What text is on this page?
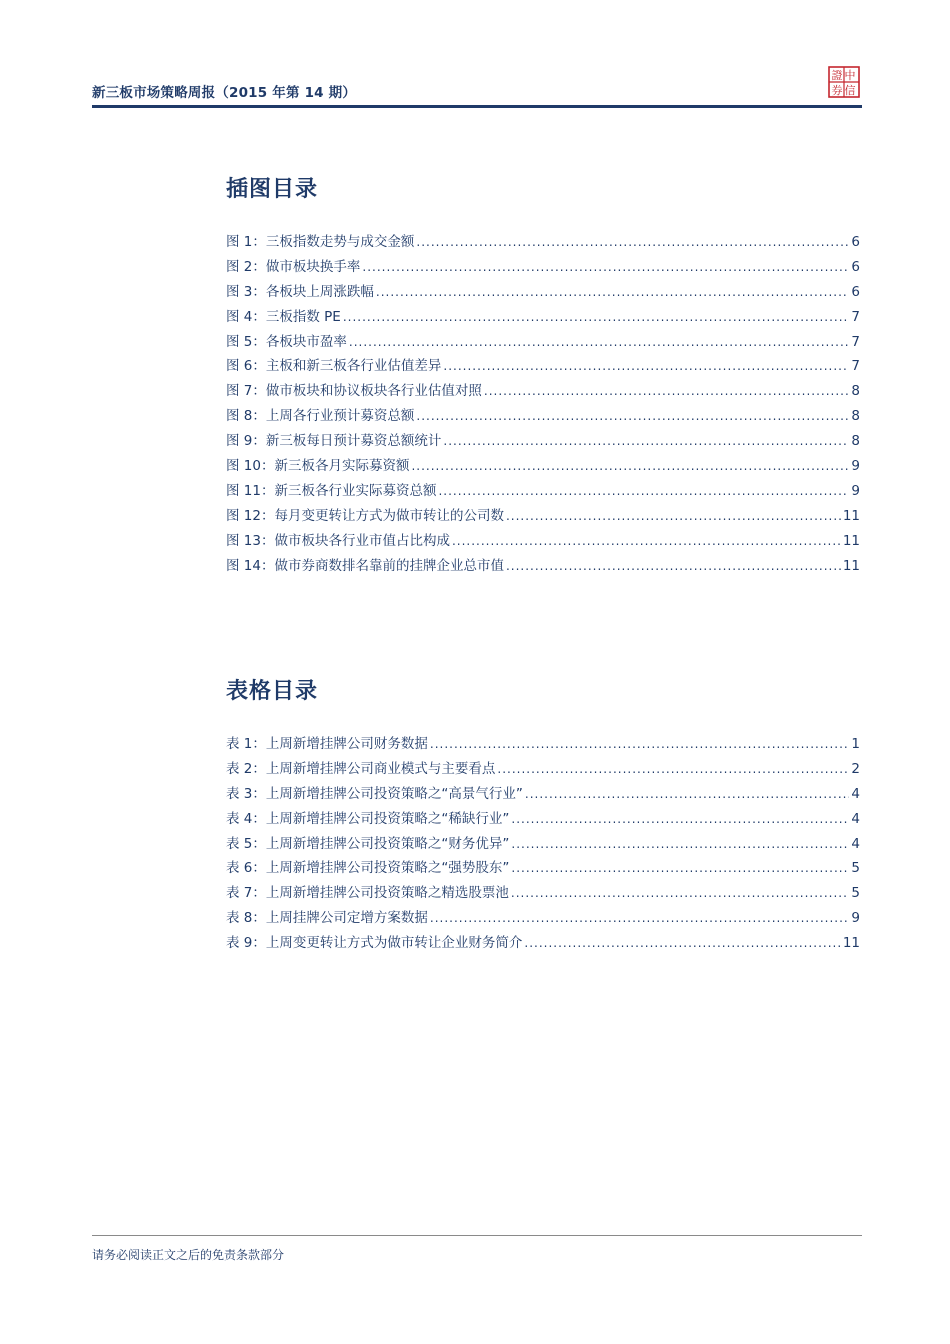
新三板市场策略周报（2015 年第 14 期）
中
信
證
券
插图目录
图 1：三板指数走势与成交金额 .....	6
图 2：做市板块换手率 .....	6
图 3：各板块上周涨跌幅 .....	6
图 4：三板指数 PE .....	7
图 5：各板块市盈率 .....	7
图 6：主板和新三板各行业估值差异 .....	7
图 7：做市板块和协议板块各行业估值对照 .....	8
图 8：上周各行业预计募资总额 .....	8
图 9：新三板每日预计募资总额统计 .....	8
图 10：新三板各月实际募资额 .....	9
图 11：新三板各行业实际募资总额 .....	9
图 12：每月变更转让方式为做市转让的公司数 .....	11
图 13：做市板块各行业市值占比构成 .....	11
图 14：做市券商数排名靠前的挂牌企业总市值 .....	11
表格目录
表 1：上周新增挂牌公司财务数据 .....	1
表 2：上周新增挂牌公司商业模式与主要看点 .....	2
表 3：上周新增挂牌公司投资策略之“高景气行业” .....	4
表 4：上周新增挂牌公司投资策略之“稀缺行业” .....	4
表 5：上周新增挂牌公司投资策略之“财务优异” .....	4
表 6：上周新增挂牌公司投资策略之“强势股东” .....	5
表 7：上周新增挂牌公司投资策略之精选股票池 .....	5
表 8：上周挂牌公司定增方案数据 .....	9
表 9：上周变更转让方式为做市转让企业财务简介 .....	11
请务必阅读正文之后的免责条款部分
